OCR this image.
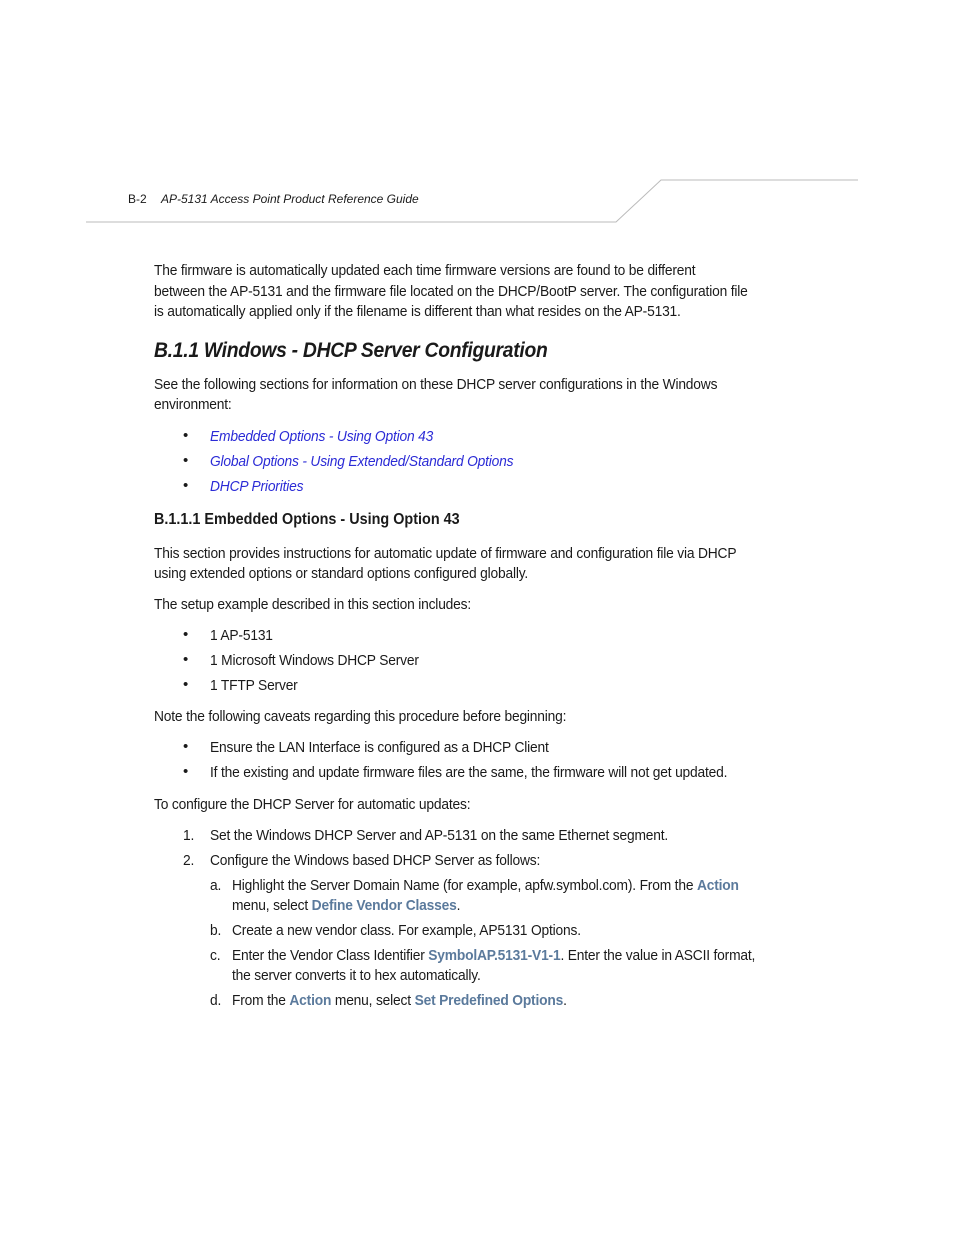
B-2 AP-5131 Access Point Product Reference Guide
The firmware is automatically updated each time firmware versions are found to be different
between the AP-5131 and the firmware file located on the DHCP/BootP server. The configuration file
is automatically applied only if the filename is different than what resides on the AP-5131.
B.1.1 Windows - DHCP Server Configuration
See the following sections for information on these DHCP server configurations in the Windows
environment:
• Embedded Options - Using Option 43
• Global Options - Using Extended/Standard Options
• DHCP Priorities
B.1.1.1 Embedded Options - Using Option 43
This section provides instructions for automatic update of firmware and configuration file via DHCP
using extended options or standard options configured globally.
The setup example described in this section includes:
• 1 AP-5131
• 1 Microsoft Windows DHCP Server
• 1 TFTP Server
Note the following caveats regarding this procedure before beginning:
• Ensure the LAN Interface is configured as a DHCP Client
• If the existing and update firmware files are the same, the firmware will not get updated.
To configure the DHCP Server for automatic updates:
1. Set the Windows DHCP Server and AP-5131 on the same Ethernet segment.
2. Configure the Windows based DHCP Server as follows:
a. Highlight the Server Domain Name (for example, apfw.symbol.com). From the Action
menu, select Define Vendor Classes.
b. Create a new vendor class. For example, AP5131 Options.
c. Enter the Vendor Class Identifier SymbolAP.5131-V1-1. Enter the value in ASCII format,
the server converts it to hex automatically.
d. From the Action menu, select Set Predefined Options.
